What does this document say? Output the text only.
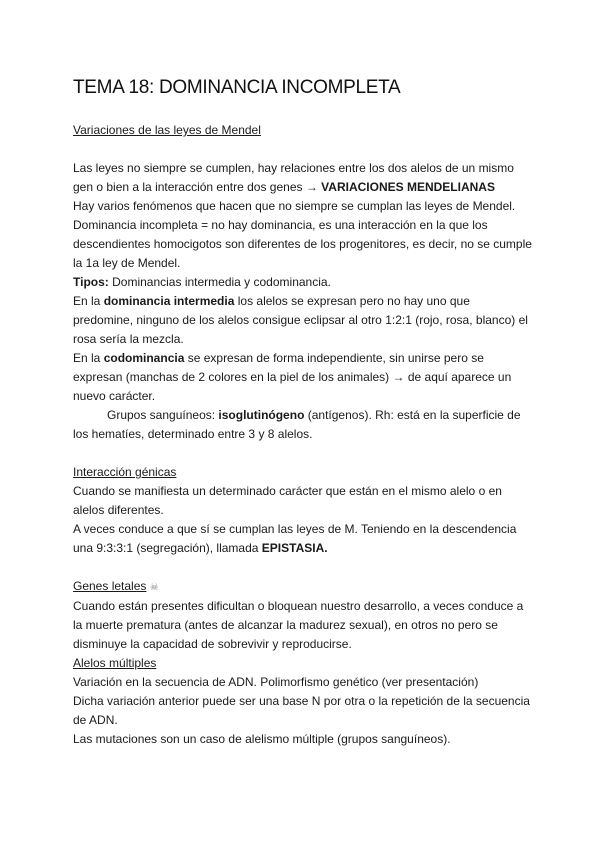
TEMA 18: DOMINANCIA INCOMPLETA

Variaciones de las leyes de Mendel

Las leyes no siempre se cumplen, hay relaciones entre los dos alelos de un mismo gen o bien a la interacción entre dos genes → VARIACIONES MENDELIANAS

Hay varios fenómenos que hacen que no siempre se cumplan las leyes de Mendel.

Dominancia incompleta = no hay dominancia, es una interacción en la que los descendientes homocigotos son diferentes de los progenitores, es decir, no se cumple la 1a ley de Mendel.

Tipos: Dominancias intermedia y codominancia.

En la dominancia intermedia los alelos se expresan pero no hay uno que predomine, ninguno de los alelos consigue eclipsar al otro 1:2:1 (rojo, rosa, blanco) el rosa sería la mezcla.

En la codominancia se expresan de forma independiente, sin unirse pero se expresan (manchas de 2 colores en la piel de los animales) → de aquí aparece un nuevo carácter.

Grupos sanguíneos: isoglutinógeno (antígenos). Rh: está en la superficie de los hematíes, determinado entre 3 y 8 alelos.

Interacción génicas

Cuando se manifiesta un determinado carácter que están en el mismo alelo o en alelos diferentes.

A veces conduce a que sí se cumplan las leyes de M. Teniendo en la descendencia una 9:3:3:1 (segregación), llamada EPISTASIA.

Genes letales ☠

Cuando están presentes dificultan o bloquean nuestro desarrollo, a veces conduce a la muerte prematura (antes de alcanzar la madurez sexual), en otros no pero se disminuye la capacidad de sobrevivir y reproducirse.

Alelos múltiples

Variación en la secuencia de ADN. Polimorfismo genético (ver presentación)

Dicha variación anterior puede ser una base N por otra o la repetición de la secuencia de ADN.

Las mutaciones son un caso de alelismo múltiple (grupos sanguíneos).
